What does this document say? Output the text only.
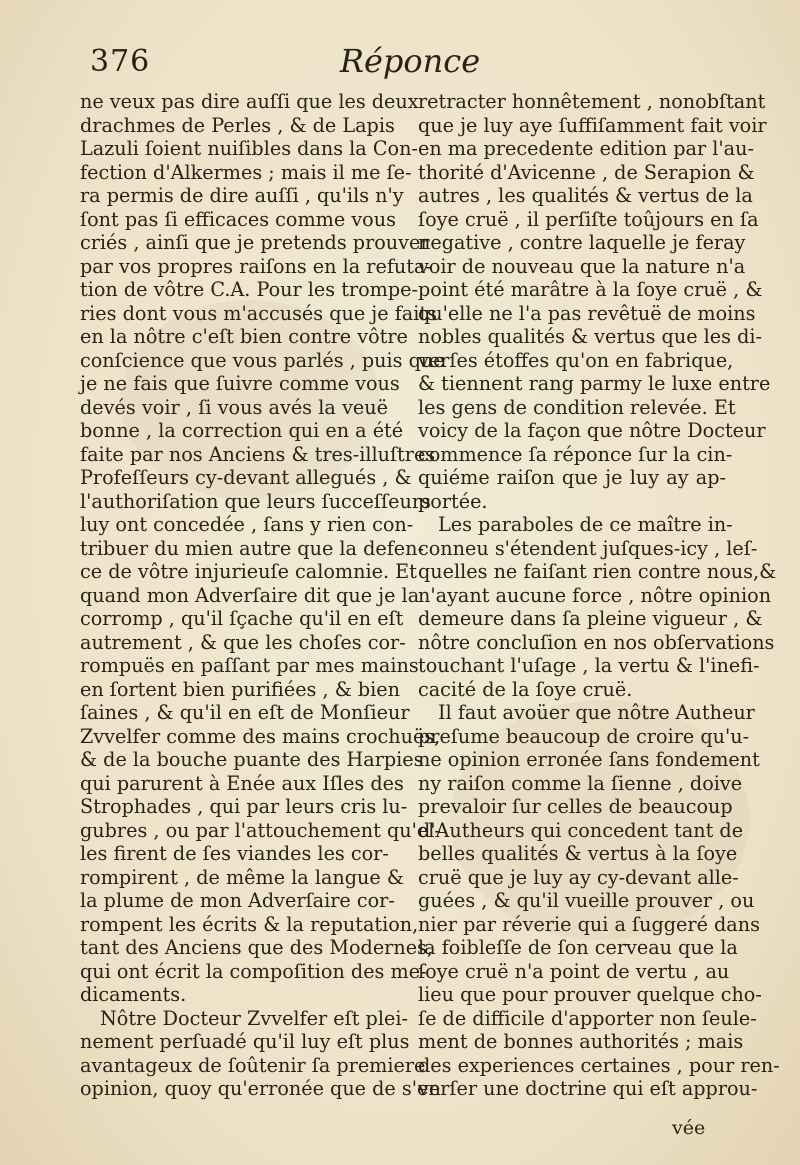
376	Réponce
ne veux pas dire auſſi que les deux
drachmes de Perles , & de Lapis
Lazuli ſoient nuiſibles dans la Con-
fection d'Alkermes ; mais il me ſe-
ra permis de dire auſſi , qu'ils n'y
ſont pas ſi efficaces comme vous
criés , ainſi que je pretends prouver
par vos propres raiſons en la refuta-
tion de vôtre C.A. Pour les trompe-
ries dont vous m'accusés que je faits
en la nôtre c'eſt bien contre vôtre
conſcience que vous parlés , puis que
je ne fais que ſuivre comme vous
devés voir , ſi vous avés la veuë
bonne , la correction qui en a été
faite par nos Anciens & tres-illuſtres
Profeſſeurs cy-devant allegués , &
l'authoriſation que leurs ſucceſſeurs
luy ont concedée , ſans y rien con-
tribuer du mien autre que la defen-
ce de vôtre injurieuſe calomnie. Et
quand mon Adverſaire dit que je la
corromp , qu'il ſçache qu'il en eſt
autrement , & que les choſes cor-
rompuës en paſſant par mes mains
en ſortent bien purifiées , & bien
ſaines , & qu'il en eſt de Monſieur
Zvvelfer comme des mains crochuës,
& de la bouche puante des Harpies
qui parurent à Enée aux Iſles des
Strophades , qui par leurs cris lu-
gubres , ou par l'attouchement qu'el-
les firent de ſes viandes les cor-
rompirent , de même la langue &
la plume de mon Adverſaire cor-
rompent les écrits & la reputation,
tant des Anciens que des Modernes,
qui ont écrit la compoſition des me-
dicaments.
Nôtre Docteur Zvvelfer eſt plei-
nement perſuadé qu'il luy eſt plus
avantageux de ſoûtenir ſa premiere
opinion, quoy qu'erronée que de s'en
retracter honnêtement , nonobſtant
que je luy aye ſuffiſamment fait voir
en ma precedente edition par l'au-
thorité d'Avicenne , de Serapion &
autres , les qualités & vertus de la
ſoye cruë , il perſiſte toûjours en ſa
negative , contre laquelle je feray
voir de nouveau que la nature n'a
point été marâtre à la ſoye cruë , &
qu'elle ne l'a pas revêtuë de moins
nobles qualités & vertus que les di-
verſes étoffes qu'on en fabrique,
& tiennent rang parmy le luxe entre
les gens de condition relevée. Et
voicy de la façon que nôtre Docteur
commence ſa réponce ſur la cin-
quiéme raiſon que je luy ay ap-
portée.
Les paraboles de ce maître in-
conneu s'étendent juſques-icy , leſ-
quelles ne faiſant rien contre nous,&
n'ayant aucune force , nôtre opinion
demeure dans ſa pleine vigueur , &
nôtre concluſion en nos obſervations
touchant l'uſage , la vertu & l'inefi-
cacité de la ſoye cruë.
Il faut avoüer que nôtre Autheur
preſume beaucoup de croire qu'u-
ne opinion erronée ſans fondement
ny raiſon comme la ſienne , doive
prevaloir ſur celles de beaucoup
d'Autheurs qui concedent tant de
belles qualités & vertus à la ſoye
cruë que je luy ay cy-devant alle-
guées , & qu'il vueille prouver , ou
nier par réverie qui a ſuggeré dans
la foibleſſe de ſon cerveau que la
ſoye cruë n'a point de vertu , au
lieu que pour prouver quelque cho-
ſe de difficile d'apporter non ſeule-
ment de bonnes authorités ; mais
des experiences certaines , pour ren-
verſer une doctrine qui eſt approu-
vée
